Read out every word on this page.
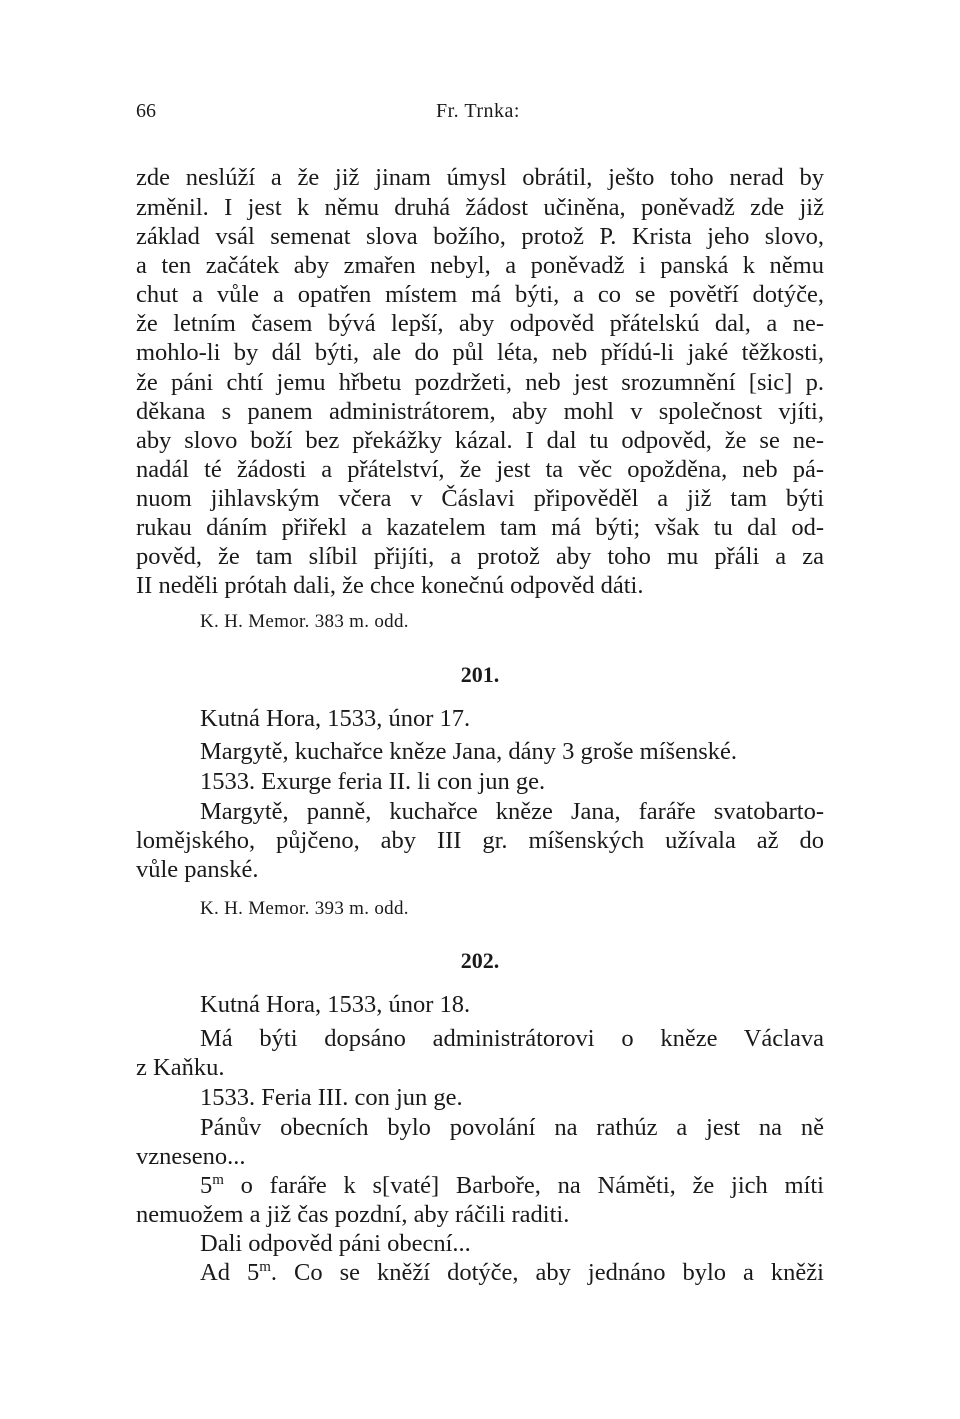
66	Fr. Trnka:
zde neslúží a že již jinam úmysl obrátil, ješto toho nerad by
změnil. I jest k němu druhá žádost učiněna, poněvadž zde již
základ vsál semenat slova božího, protož P. Krista jeho slovo,
a ten začátek aby zmařen nebyl, a poněvadž i panská k němu
chut a vůle a opatřen místem má býti, a co se povětří dotýče,
že letním časem bývá lepší, aby odpověd přátelskú dal, a ne-
mohlo-li by dál býti, ale do půl léta, neb přídú-li jaké těžkosti,
že páni chtí jemu hřbetu pozdržeti, neb jest srozumnění [sic] p.
děkana s panem administrátorem, aby mohl v společnost vjíti,
aby slovo boží bez překážky kázal. I dal tu odpověd, že se ne-
nadál té žádosti a přátelství, že jest ta věc opožděna, neb pá-
nuom jihlavským včera v Čáslavi připověděl a již tam býti
rukau dáním přiřekl a kazatelem tam má býti; však tu dal od-
pověd, že tam slíbil přijíti, a protož aby toho mu přáli a za
II neděli prótah dali, že chce konečnú odpověd dáti.
K. H. Memor. 383 m. odd.
201.
Kutná Hora, 1533, únor 17.
Margytě, kuchařce kněze Jana, dány 3 groše míšenské.
1533. Exurge feria II. li con jun ge.
Margytě, panně, kuchařce kněze Jana, faráře svatobarto-
lomějského, půjčeno, aby III gr. míšenských užívala až do
vůle panské.
K. H. Memor. 393 m. odd.
202.
Kutná Hora, 1533, únor 18.
Má býti dopsáno administrátorovi o kněze Václava
z Kaňku.
1533. Feria III. con jun ge.
Pánův obecních bylo povolání na rathúz a jest na ně
vzneseno...
5$^m$ o faráře k s[vaté] Barboře, na Náměti, že jich míti
nemuožem a již čas pozdní, aby ráčili raditi.
Dali odpověd páni obecní...
Ad 5$^m$. Co se kněží dotýče, aby jednáno bylo a kněži
